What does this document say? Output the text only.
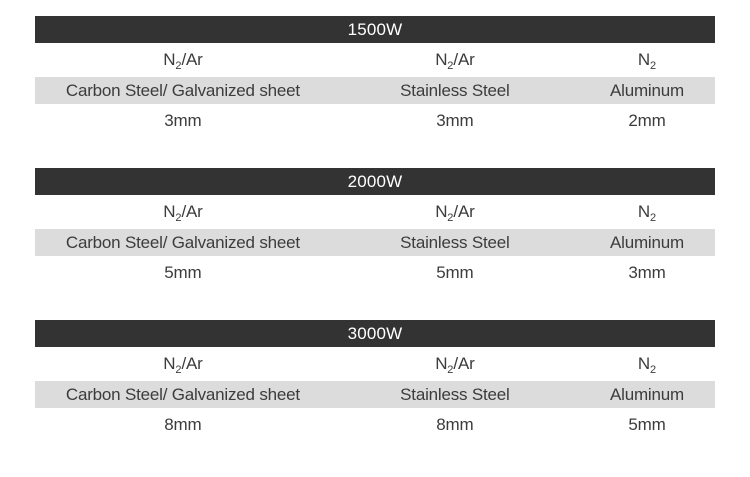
1500W
$N_2/Ar$	$N_2/Ar$	$N_2$
Carbon Steel/ Galvanized sheet	Stainless Steel	Aluminum
3mm	3mm	2mm
2000W
$N_2/Ar$	$N_2/Ar$	$N_2$
Carbon Steel/ Galvanized sheet	Stainless Steel	Aluminum
5mm	5mm	3mm
3000W
$N_2/Ar$	$N_2/Ar$	$N_2$
Carbon Steel/ Galvanized sheet	Stainless Steel	Aluminum
8mm	8mm	5mm
